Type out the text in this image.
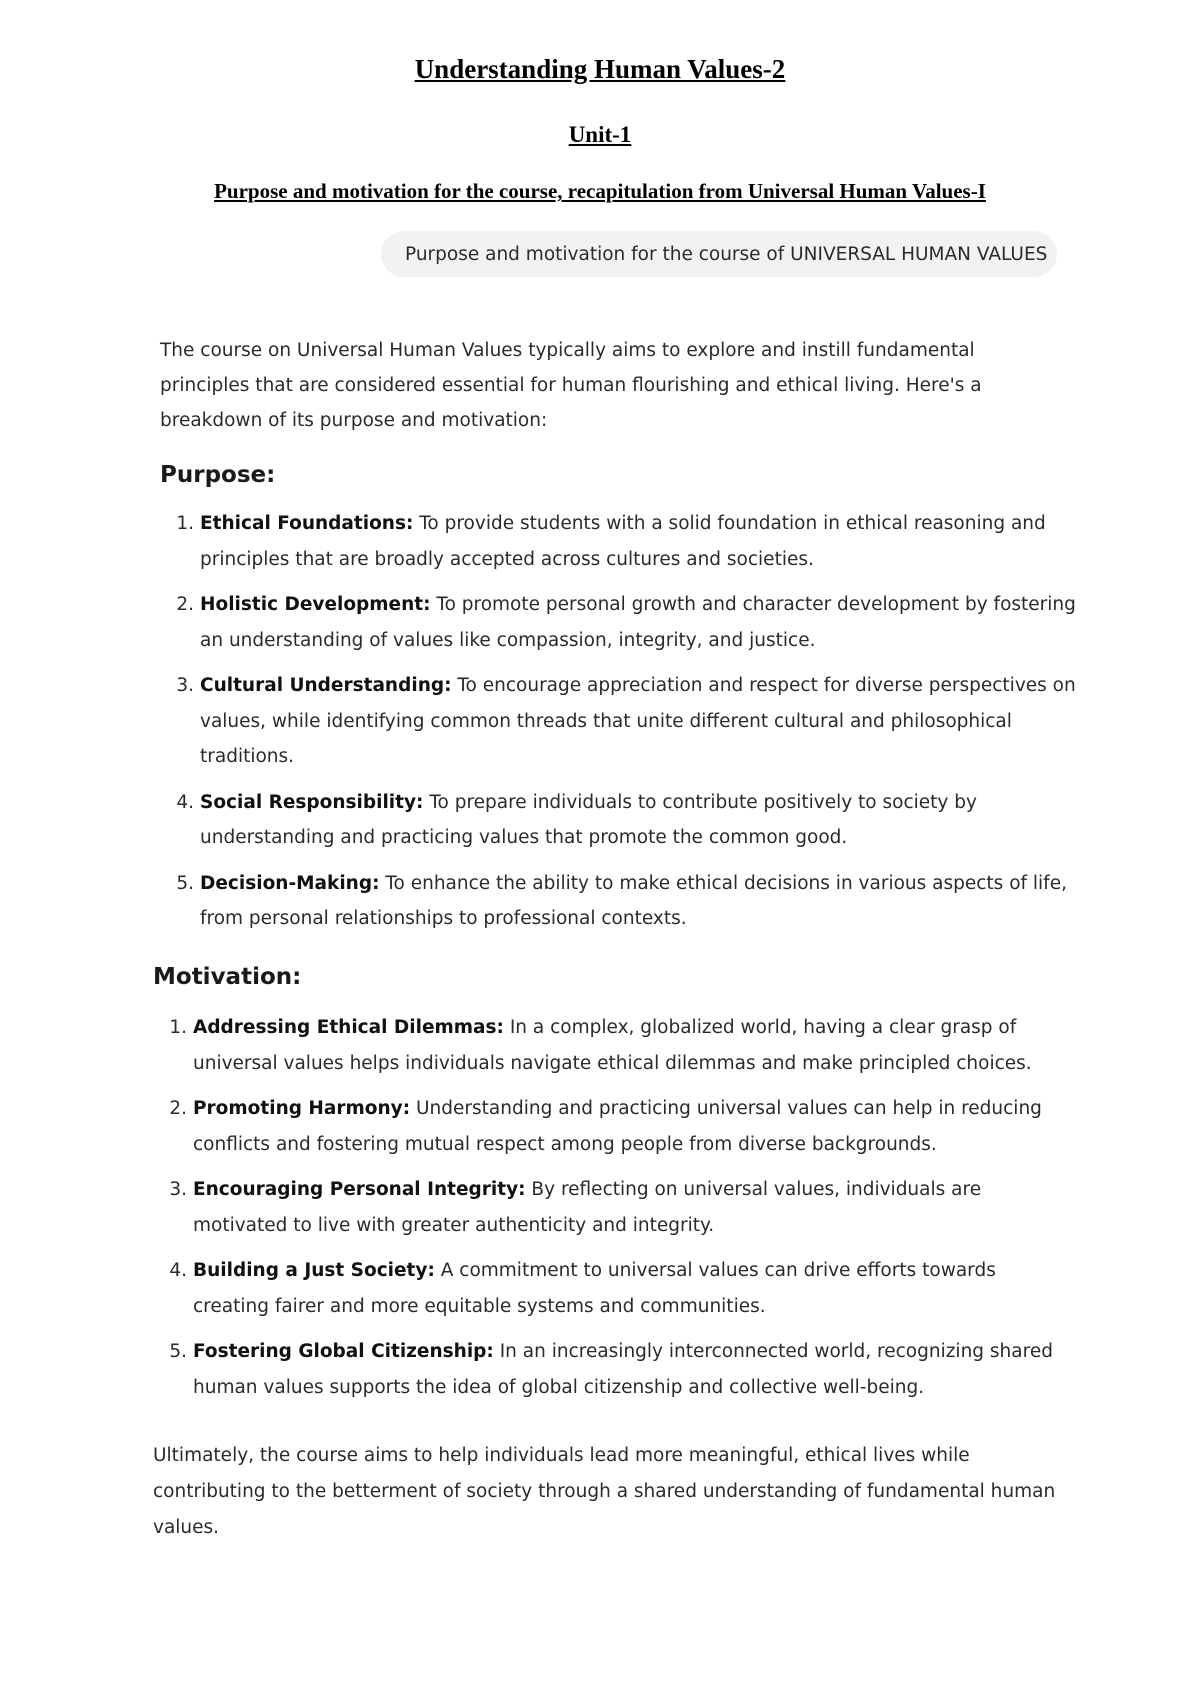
Understanding Human Values-2
Unit-1
Purpose and motivation for the course, recapitulation from Universal Human Values-I
Purpose and motivation for the course of UNIVERSAL HUMAN VALUES

The course on Universal Human Values typically aims to explore and instill fundamental principles that are considered essential for human flourishing and ethical living. Here's a breakdown of its purpose and motivation:

Purpose:
1. Ethical Foundations: To provide students with a solid foundation in ethical reasoning and principles that are broadly accepted across cultures and societies.
2. Holistic Development: To promote personal growth and character development by fostering an understanding of values like compassion, integrity, and justice.
3. Cultural Understanding: To encourage appreciation and respect for diverse perspectives on values, while identifying common threads that unite different cultural and philosophical traditions.
4. Social Responsibility: To prepare individuals to contribute positively to society by understanding and practicing values that promote the common good.
5. Decision-Making: To enhance the ability to make ethical decisions in various aspects of life, from personal relationships to professional contexts.
Motivation:
1. Addressing Ethical Dilemmas: In a complex, globalized world, having a clear grasp of universal values helps individuals navigate ethical dilemmas and make principled choices.
2. Promoting Harmony: Understanding and practicing universal values can help in reducing conflicts and fostering mutual respect among people from diverse backgrounds.
3. Encouraging Personal Integrity: By reflecting on universal values, individuals are motivated to live with greater authenticity and integrity.
4. Building a Just Society: A commitment to universal values can drive efforts towards creating fairer and more equitable systems and communities.
5. Fostering Global Citizenship: In an increasingly interconnected world, recognizing shared human values supports the idea of global citizenship and collective well-being.

Ultimately, the course aims to help individuals lead more meaningful, ethical lives while contributing to the betterment of society through a shared understanding of fundamental human values.
